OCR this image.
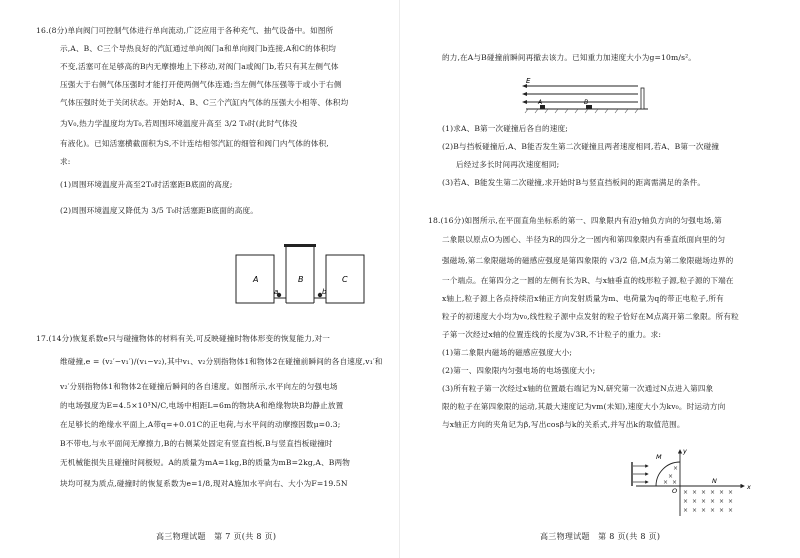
16.(8分)单向阀门可控制气体进行单向流动,广泛应用于各种充气、抽气设备中。如图所
示,A、B、C三个导热良好的汽缸通过单向阀门a和单向阀门b连接,A和C的体积均
不变,活塞可在足够高的B内无摩擦地上下移动,对阀门a或阀门b,若只有其左侧气体
压强大于右侧气体压强时才能打开使两侧气体连通;当左侧气体压强等于或小于右侧
气体压强时处于关闭状态。开始时A、B、C三个汽缸内气体的压强大小相等、体积均
为V₀,热力学温度均为T₀,若周围环境温度升高至 3/2 T₀时(此时气体没
有液化)。已知活塞横截面积为S,不计连结相邻汽缸的细管和阀门内气体的体积,
求:
(1)周围环境温度升高至2T₀时活塞距B底面的高度;
(2)周围环境温度又降低为 3/5 T₀时活塞距B底面的高度。
A	B	C
a	b
17.(14分)恢复系数e只与碰撞物体的材料有关,可反映碰撞时物体形变的恢复能力,对一
维碰撞,e = (v₂′−v₁′)/(v₁−v₂),其中v₁、v₂分别指物体1和物体2在碰撞前瞬间的各自速度,v₁′和
v₂′分别指物体1和物体2在碰撞后瞬间的各自速度。如图所示,水平向左的匀强电场
的电场强度为E=4.5×10³N/C,电场中相距L=6m的物块A和绝缘物块B均静止放置
在足够长的绝缘水平面上,A带q=+0.01C的正电荷,与水平间的动摩擦因数μ=0.3;
B不带电,与水平面间无摩擦力,B的右侧某处固定有竖直挡板,B与竖直挡板碰撞时
无机械能损失且碰撞时间极短。A的质量为mA=1kg,B的质量为mB=2kg,A、B两物
块均可视为质点,碰撞时的恢复系数为e=1/8,现对A施加水平向右、大小为F=19.5N
高三物理试题　第 7 页(共 8 页)
的力,在A与B碰撞前瞬间再撤去该力。已知重力加速度大小为g=10m/s²。
E
A	B
(1)求A、B第一次碰撞后各自的速度;
(2)B与挡板碰撞后,A、B能否发生第二次碰撞且两者速度相同,若A、B第一次碰撞
后经过多长时间再次速度相同;
(3)若A、B能发生第二次碰撞,求开始时B与竖直挡板间的距离需满足的条件。
18.(16分)如图所示,在平面直角坐标系的第一、四象限内有沿y轴负方向的匀强电场,第
二象限以原点O为圆心、半径为R的四分之一圆内和第四象限内有垂直纸面向里的匀
强磁场,第二象限磁场的磁感应强度是第四象限的 √3/2 倍,M点为第二象限磁场边界的
一个端点。在第四分之一圆的左侧有长为R、与x轴垂直的线形粒子源,粒子源的下端在
x轴上,粒子源上各点持续沿x轴正方向发射质量为m、电荷量为q的带正电粒子,所有
粒子的初速度大小均为v₀,线性粒子源中点发射的粒子恰好在M点离开第二象限。所有粒
子第一次经过x轴的位置连线的长度为√3R,不计粒子的重力。求:
(1)第二象限内磁场的磁感应强度大小;
(2)第一、四象限内匀强电场的电场强度大小;
(3)所有粒子第一次经过x轴的位置最右端记为N,研究第一次通过N点进入第四象
限的粒子在第四象限的运动,其最大速度记为vm(未知),速度大小为kv₀。时运动方向
与x轴正方向的夹角记为β,写出cosβ与k的关系式,并写出k的取值范围。
×
×
× ×
× × × × × ×
× × × × × ×
× × × × × ×
y
M
O
N
x
高三物理试题　第 8 页(共 8 页)
